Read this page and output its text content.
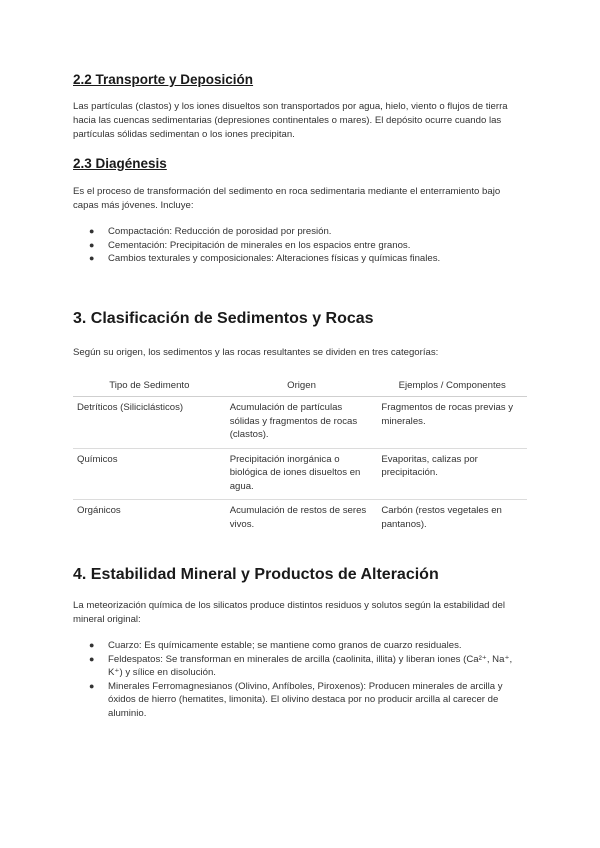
2.2 Transporte y Deposición

Las partículas (clastos) y los iones disueltos son transportados por agua, hielo, viento o flujos de tierra hacia las cuencas sedimentarias (depresiones continentales o mares). El depósito ocurre cuando las partículas sólidas sedimentan o los iones precipitan.

2.3 Diagénesis

Es el proceso de transformación del sedimento en roca sedimentaria mediante el enterramiento bajo capas más jóvenes. Incluye:

● Compactación: Reducción de porosidad por presión.
● Cementación: Precipitación de minerales en los espacios entre granos.
● Cambios texturales y composicionales: Alteraciones físicas y químicas finales.
3. Clasificación de Sedimentos y Rocas

Según su origen, los sedimentos y las rocas resultantes se dividen en tres categorías:

Tipo de Sedimento	Origen	Ejemplos / Componentes
Detríticos (Siliciclásticos)	Acumulación de partículas sólidas y fragmentos de rocas (clastos).	Fragmentos de rocas previas y minerales.
Químicos	Precipitación inorgánica o biológica de iones disueltos en agua.	Evaporitas, calizas por precipitación.
Orgánicos	Acumulación de restos de seres vivos.	Carbón (restos vegetales en pantanos).
4. Estabilidad Mineral y Productos de Alteración

La meteorización química de los silicatos produce distintos residuos y solutos según la estabilidad del mineral original:

● Cuarzo: Es químicamente estable; se mantiene como granos de cuarzo residuales.
● Feldespatos: Se transforman en minerales de arcilla (caolinita, illita) y liberan iones (Ca²⁺, Na⁺, K⁺) y sílice en disolución.
● Minerales Ferromagnesianos (Olivino, Anfíboles, Piroxenos): Producen minerales de arcilla y óxidos de hierro (hematites, limonita). El olivino destaca por no producir arcilla al carecer de aluminio.
